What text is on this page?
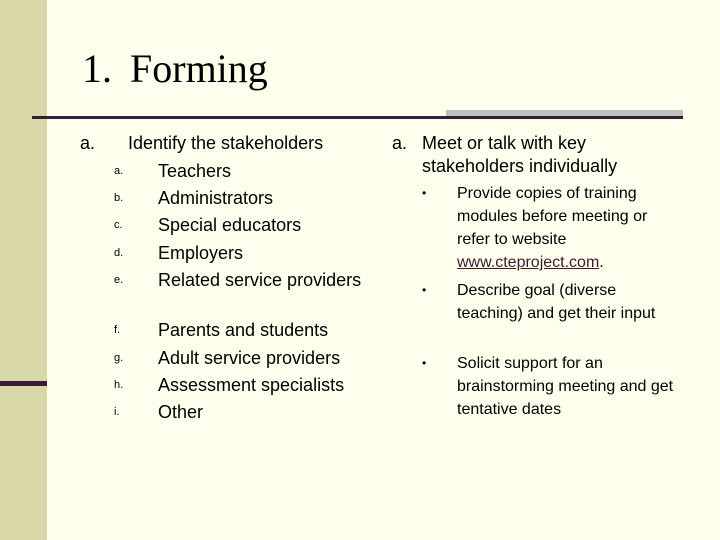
1. Forming
a. Identify the stakeholders
a. Teachers
b. Administrators
c. Special educators
d. Employers
e. Related service providers
f. Parents and students
g. Adult service providers
h. Assessment specialists
i. Other
a. Meet or talk with key stakeholders individually
• Provide copies of training modules before meeting or refer to website www.cteproject.com.
• Describe goal (diverse teaching) and get their input
• Solicit support for an brainstorming meeting and get tentative dates
